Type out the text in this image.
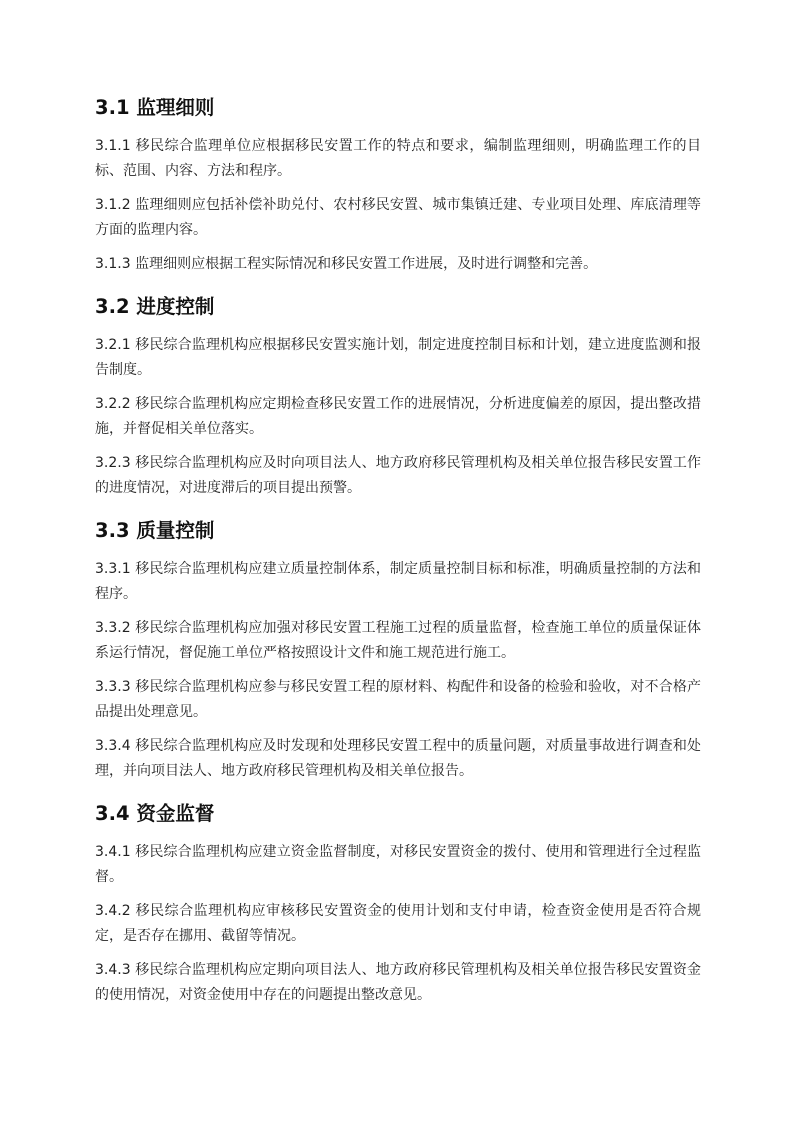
3.1 监理细则

3.1.1 移民综合监理单位应根据移民安置工作的特点和要求，编制监理细则，明确监理工作的目标、范围、内容、方法和程序。

3.1.2 监理细则应包括补偿补助兑付、农村移民安置、城市集镇迁建、专业项目处理、库底清理等方面的监理内容。

3.1.3 监理细则应根据工程实际情况和移民安置工作进展，及时进行调整和完善。

3.2 进度控制

3.2.1 移民综合监理机构应根据移民安置实施计划，制定进度控制目标和计划，建立进度监测和报告制度。

3.2.2 移民综合监理机构应定期检查移民安置工作的进展情况，分析进度偏差的原因，提出整改措施，并督促相关单位落实。

3.2.3 移民综合监理机构应及时向项目法人、地方政府移民管理机构及相关单位报告移民安置工作的进度情况，对进度滞后的项目提出预警。

3.3 质量控制

3.3.1 移民综合监理机构应建立质量控制体系，制定质量控制目标和标准，明确质量控制的方法和程序。

3.3.2 移民综合监理机构应加强对移民安置工程施工过程的质量监督，检查施工单位的质量保证体系运行情况，督促施工单位严格按照设计文件和施工规范进行施工。

3.3.3 移民综合监理机构应参与移民安置工程的原材料、构配件和设备的检验和验收，对不合格产品提出处理意见。

3.3.4 移民综合监理机构应及时发现和处理移民安置工程中的质量问题，对质量事故进行调查和处理，并向项目法人、地方政府移民管理机构及相关单位报告。

3.4 资金监督

3.4.1 移民综合监理机构应建立资金监督制度，对移民安置资金的拨付、使用和管理进行全过程监督。

3.4.2 移民综合监理机构应审核移民安置资金的使用计划和支付申请，检查资金使用是否符合规定，是否存在挪用、截留等情况。

3.4.3 移民综合监理机构应定期向项目法人、地方政府移民管理机构及相关单位报告移民安置资金的使用情况，对资金使用中存在的问题提出整改意见。
